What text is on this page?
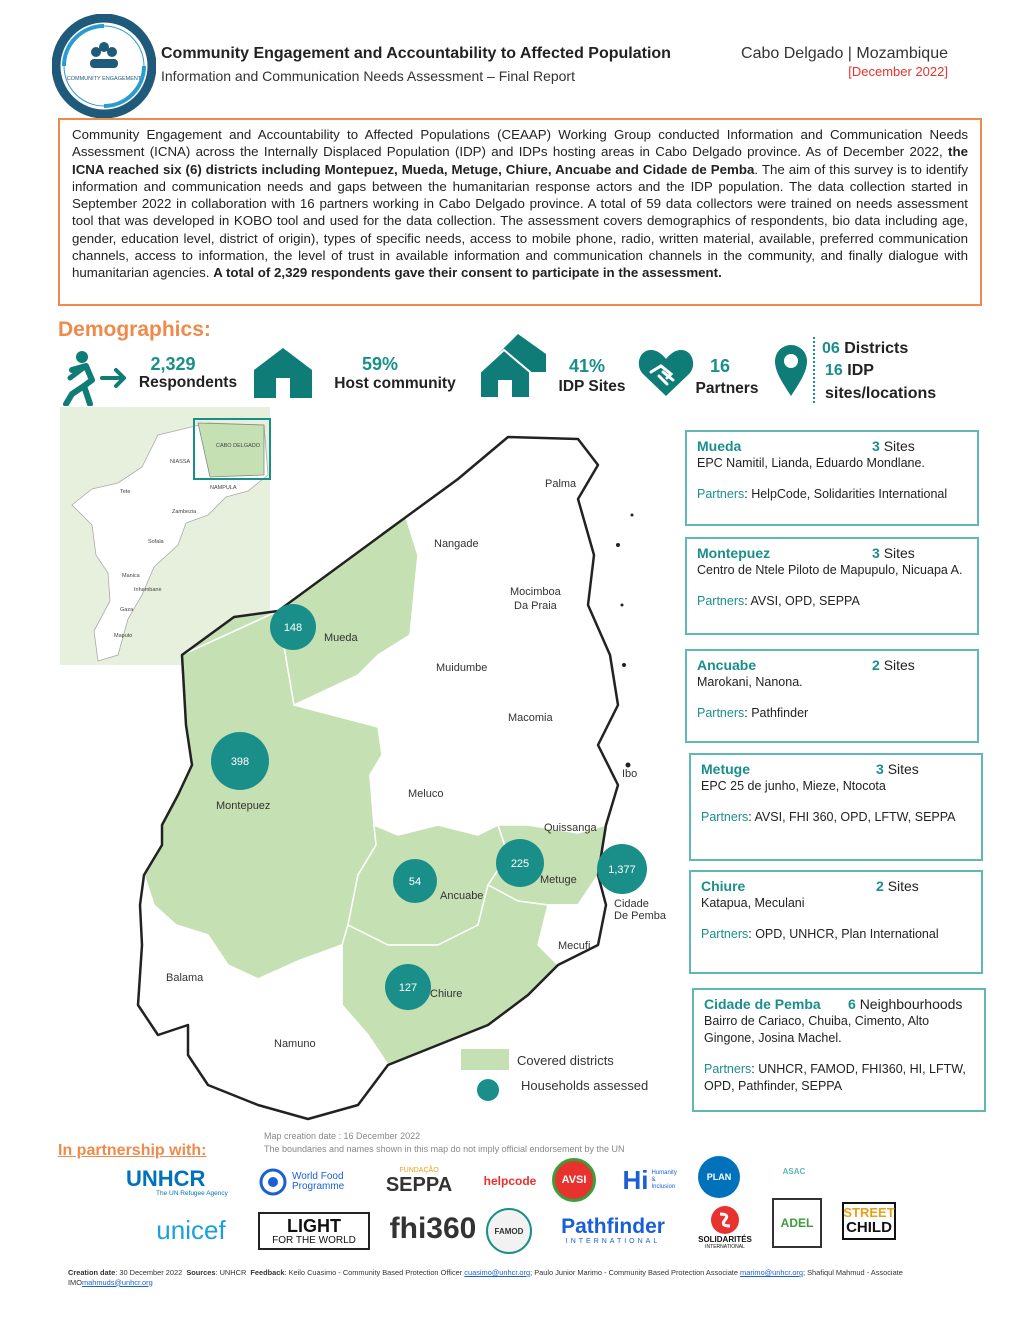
COMMUNITY ENGAGEMENT
Community Engagement and Accountability to Affected Population
Information and Communication Needs Assessment – Final Report
Cabo Delgado | Mozambique
[December 2022]
Community Engagement and Accountability to Affected Populations (CEAAP) Working Group conducted Information and Communication Needs Assessment (ICNA) across the Internally Displaced Population (IDP) and IDPs hosting areas in Cabo Delgado province. As of December 2022, the ICNA reached six (6) districts including Montepuez, Mueda, Metuge, Chiure, Ancuabe and Cidade de Pemba. The aim of this survey is to identify information and communication needs and gaps between the humanitarian response actors and the IDP population. The data collection started in September 2022 in collaboration with 16 partners working in Cabo Delgado province. A total of 59 data collectors were trained on needs assessment tool that was developed in KOBO tool and used for the data collection. The assessment covers demographics of respondents, bio data including age, gender, education level, district of origin), types of specific needs, access to mobile phone, radio, written material, available, preferred communication channels, access to information, the level of trust in available information and communication channels in the community, and finally dialogue with humanitarian agencies. A total of 2,329 respondents gave their consent to participate in the assessment.
Demographics:
2,329
Respondents
59%
Host community
41%
IDP Sites
16
Partners
06 Districts
16 IDP
sites/locations
CABO DELGADO
NIASSA
NAMPULA
Tete
Zambezia
Sofala
Manica
Inhambane
Gaza
Maputo
Palma
Nangade
Mocimboa Da Praia
Mueda
Muidumbe
Macomia
Montepuez
Meluco
Ibo
Quissanga
Metuge
Cidade De Pemba
Ancuabe
Mecufi
Balama
Chiure
Namuno
148
398
54
225	1,377
127
Covered districts
Households assessed
Map creation date : 16 December 2022
The boundaries and names shown in this map do not imply official endorsement by the UN
Mueda	3 Sites
EPC Namitil, Lianda, Eduardo Mondlane.
Partners: HelpCode, Solidarities International
Montepuez	3 Sites
Centro de Ntele Piloto de Mapupulo, Nicuapa A.
Partners: AVSI, OPD, SEPPA
Ancuabe	2 Sites
Marokani, Nanona.
Partners: Pathfinder
Metuge	3 Sites
EPC 25 de junho, Mieze, Ntocota
Partners: AVSI, FHI 360, OPD, LFTW, SEPPA
Chiure	2 Sites
Katapua, Meculani
Partners: OPD, UNHCR, Plan International
Cidade de Pemba	6 Neighbourhoods
Bairro de Cariaco, Chuiba, Cimento, Alto Gingone, Josina Machel.
Partners: UNHCR, FAMOD, FHI360, HI, LFTW, OPD, Pathfinder, SEPPA
In partnership with:
UNHCR
The UN Refugee Agency
World Food Programme
FUNDAÇÃO
SEPPA	helpcode	AVSI	Hi Humanity & Inclusion
PLAN
ASAC
unicef	LIGHT
FOR THE WORLD fhi360	FAMOD	Pathfinder
INTERNATIONAL	SOLIDARITÉS
INTERNATIONAL
ADEL
STREET
CHILD
Creation date: 30 December 2022 Sources: UNHCR Feedback: Keilo Cuasimo - Community Based Protection Officer cuasimo@unhcr.org; Paulo Junior Marimo - Community Based Protection Associate marimo@unhcr.org; Shafiqul Mahmud - Associate IMOmahmuds@unhcr.org
